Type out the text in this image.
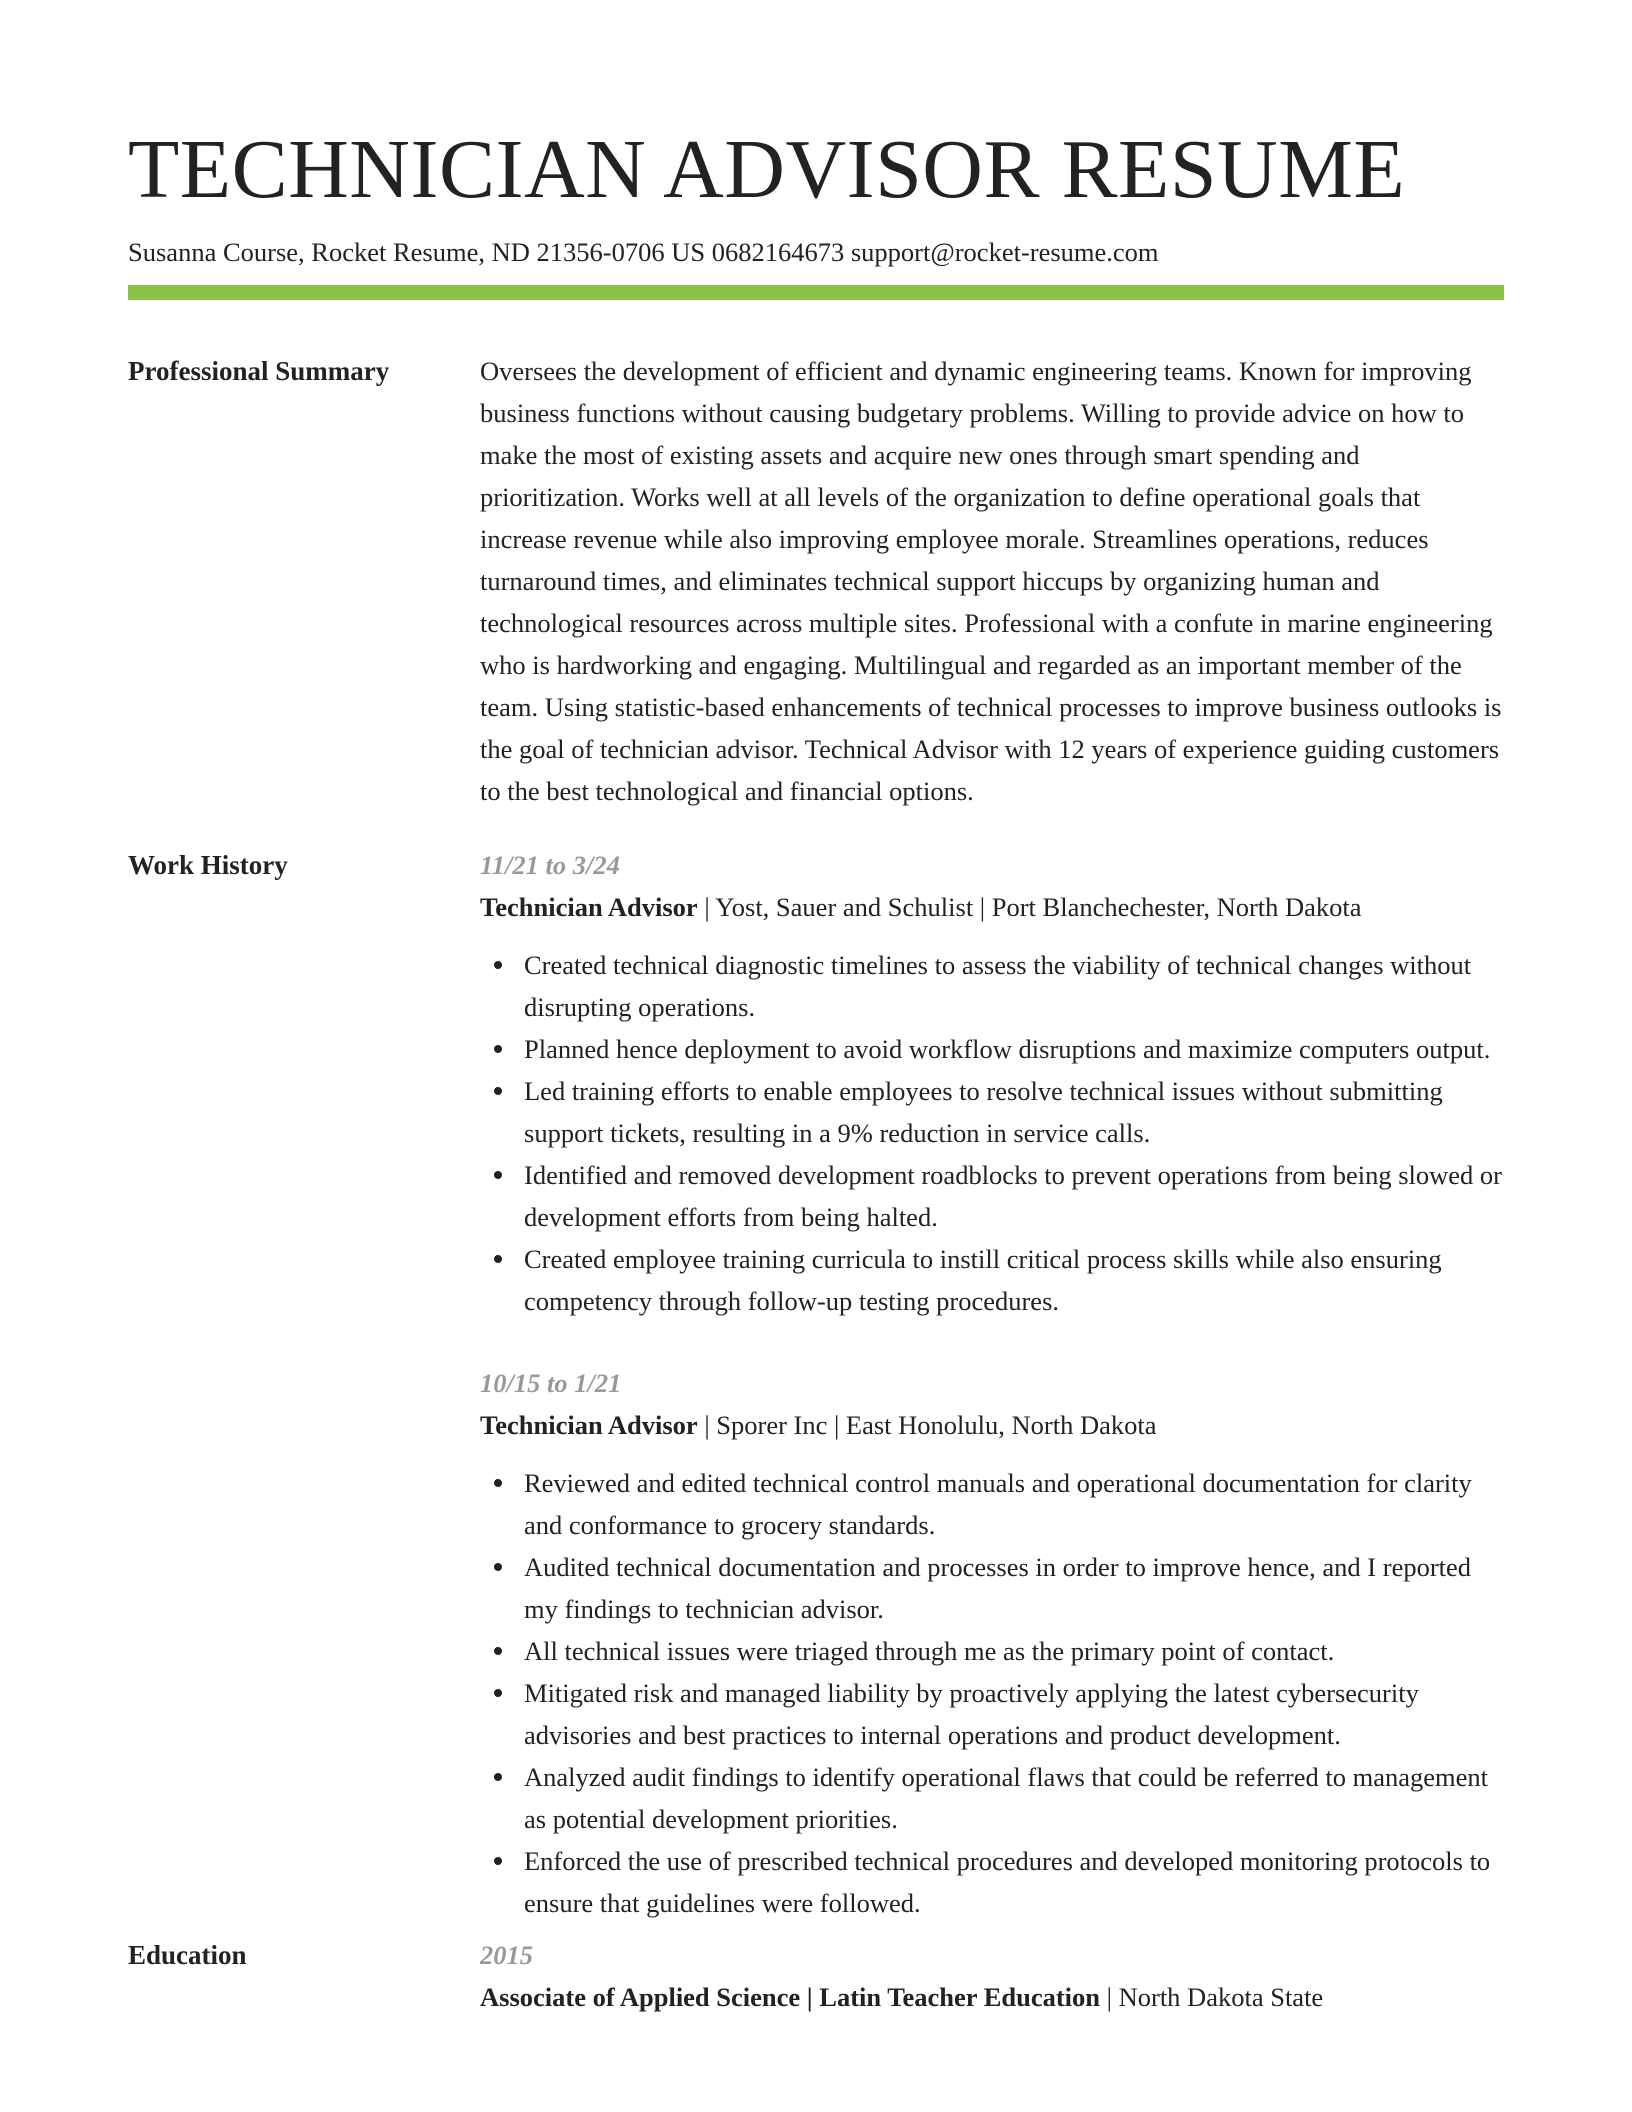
TECHNICIAN ADVISOR RESUME
Susanna Course, Rocket Resume, ND 21356-0706 US 0682164673 support@rocket-resume.com
Professional Summary	Oversees the development of efficient and dynamic engineering teams. Known for improving business functions without causing budgetary problems. Willing to provide advice on how to make the most of existing assets and acquire new ones through smart spending and prioritization. Works well at all levels of the organization to define operational goals that increase revenue while also improving employee morale. Streamlines operations, reduces turnaround times, and eliminates technical support hiccups by organizing human and technological resources across multiple sites. Professional with a confute in marine engineering who is hardworking and engaging. Multilingual and regarded as an important member of the team. Using statistic-based enhancements of technical processes to improve business outlooks is the goal of technician advisor. Technical Advisor with 12 years of experience guiding customers to the best technological and financial options.

Work History	11/21 to 3/24
Technician Advisor | Yost, Sauer and Schulist | Port Blanchechester, North Dakota
Created technical diagnostic timelines to assess the viability of technical changes without disrupting operations.
Planned hence deployment to avoid workflow disruptions and maximize computers output.
Led training efforts to enable employees to resolve technical issues without submitting support tickets, resulting in a 9% reduction in service calls.
Identified and removed development roadblocks to prevent operations from being slowed or development efforts from being halted.
Created employee training curricula to instill critical process skills while also ensuring competency through follow-up testing procedures.
10/15 to 1/21
Technician Advisor | Sporer Inc | East Honolulu, North Dakota
Reviewed and edited technical control manuals and operational documentation for clarity and conformance to grocery standards.
Audited technical documentation and processes in order to improve hence, and I reported my findings to technician advisor.
All technical issues were triaged through me as the primary point of contact.
Mitigated risk and managed liability by proactively applying the latest cybersecurity advisories and best practices to internal operations and product development.
Analyzed audit findings to identify operational flaws that could be referred to management as potential development priorities.
Enforced the use of prescribed technical procedures and developed monitoring protocols to ensure that guidelines were followed.
Education	2015
Associate of Applied Science | Latin Teacher Education | North Dakota State
